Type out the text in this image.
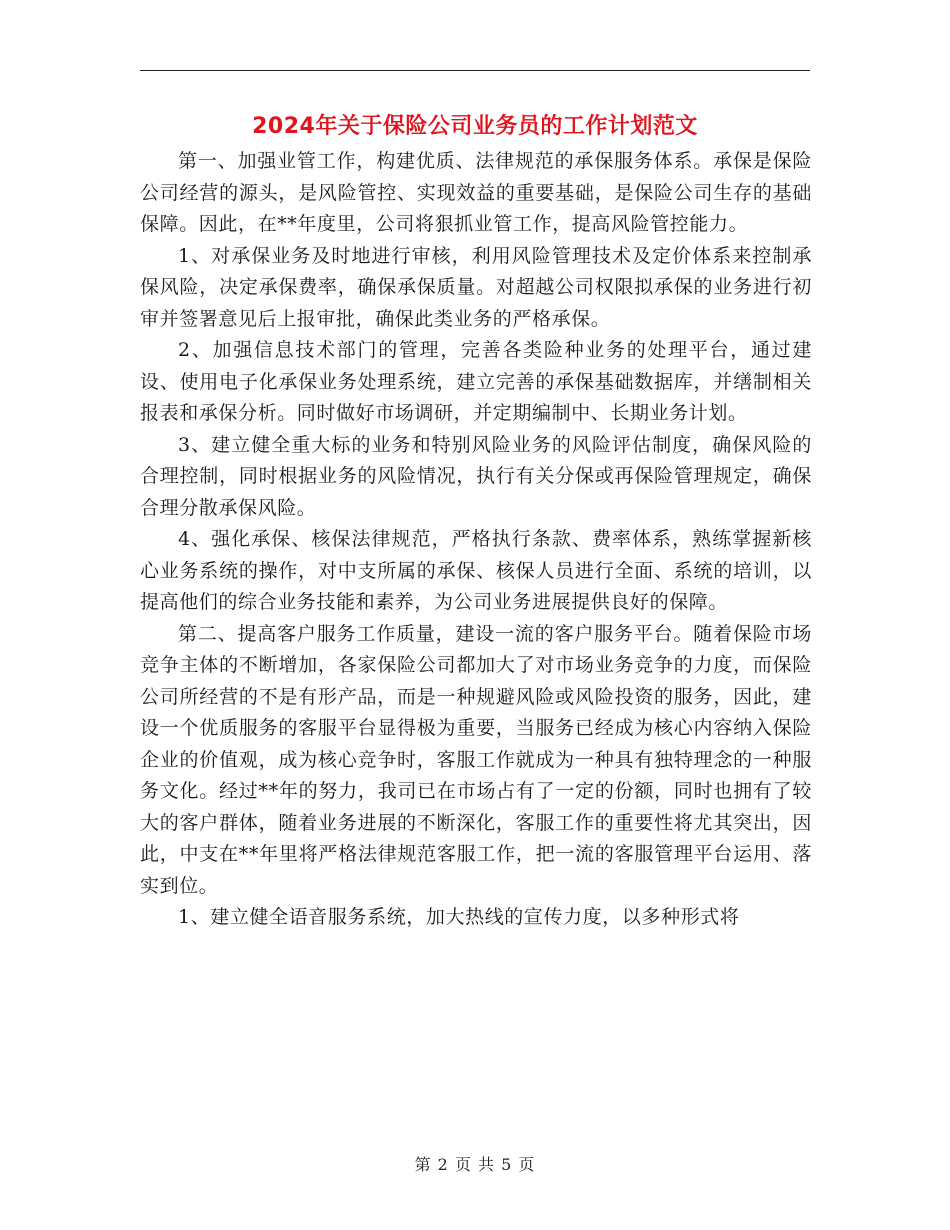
2024年关于保险公司业务员的工作计划范文

第一、加强业管工作，构建优质、法律规范的承保服务体系。承保是保险公司经营的源头，是风险管控、实现效益的重要基础，是保险公司生存的基础保障。因此，在**年度里，公司将狠抓业管工作，提高风险管控能力。

1、对承保业务及时地进行审核，利用风险管理技术及定价体系来控制承保风险，决定承保费率，确保承保质量。对超越公司权限拟承保的业务进行初审并签署意见后上报审批，确保此类业务的严格承保。

2、加强信息技术部门的管理，完善各类险种业务的处理平台，通过建设、使用电子化承保业务处理系统，建立完善的承保基础数据库，并缮制相关报表和承保分析。同时做好市场调研，并定期编制中、长期业务计划。

3、建立健全重大标的业务和特别风险业务的风险评估制度，确保风险的合理控制，同时根据业务的风险情况，执行有关分保或再保险管理规定，确保合理分散承保风险。

4、强化承保、核保法律规范，严格执行条款、费率体系，熟练掌握新核心业务系统的操作，对中支所属的承保、核保人员进行全面、系统的培训，以提高他们的综合业务技能和素养，为公司业务进展提供良好的保障。

第二、提高客户服务工作质量，建设一流的客户服务平台。随着保险市场竞争主体的不断增加，各家保险公司都加大了对市场业务竞争的力度，而保险公司所经营的不是有形产品，而是一种规避风险或风险投资的服务，因此，建设一个优质服务的客服平台显得极为重要，当服务已经成为核心内容纳入保险企业的价值观，成为核心竞争时，客服工作就成为一种具有独特理念的一种服务文化。经过**年的努力，我司已在市场占有了一定的份额，同时也拥有了较大的客户群体，随着业务进展的不断深化，客服工作的重要性将尤其突出，因此，中支在**年里将严格法律规范客服工作，把一流的客服管理平台运用、落实到位。

1、建立健全语音服务系统，加大热线的宣传力度，以多种形式将

第 2 页 共 5 页
